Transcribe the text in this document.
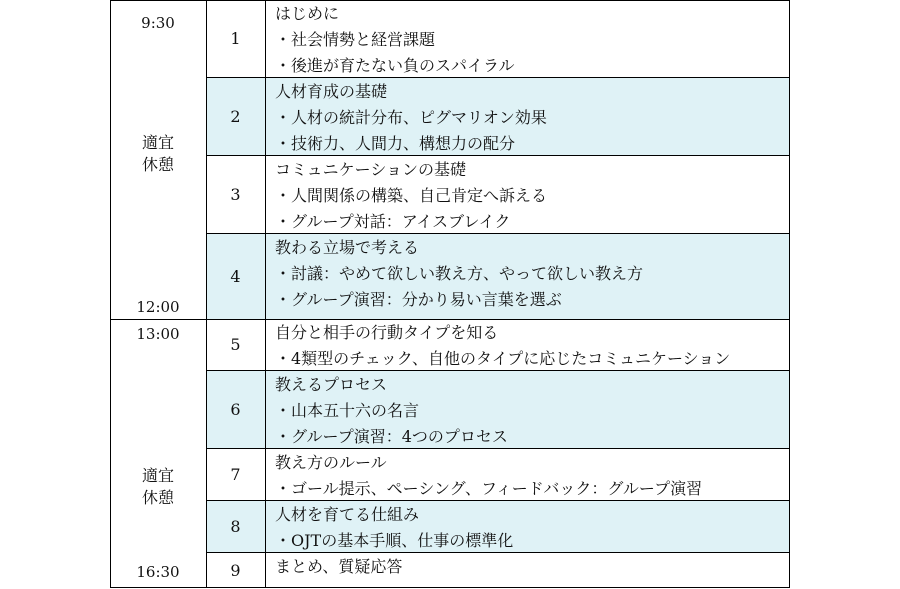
9:30
適宜
休憩
12:00
1
はじめに
・社会情勢と経営課題
・後進が育たない負のスパイラル
2
人材育成の基礎
・人材の統計分布、ピグマリオン効果
・技術力、人間力、構想力の配分
3
コミュニケーションの基礎
・人間関係の構築、自己肯定へ訴える
・グループ対話：アイスブレイク
4
教わる立場で考える
・討議：やめて欲しい教え方、やって欲しい教え方
・グループ演習：分かり易い言葉を選ぶ
13:00
適宜
休憩
16:30
5
自分と相手の行動タイプを知る
・4類型のチェック、自他のタイプに応じたコミュニケーション
6
教えるプロセス
・山本五十六の名言
・グループ演習：4つのプロセス
7
教え方のルール
・ゴール提示、ペーシング、フィードバック：グループ演習
8
人材を育てる仕組み
・OJTの基本手順、仕事の標準化
9	まとめ、質疑応答
